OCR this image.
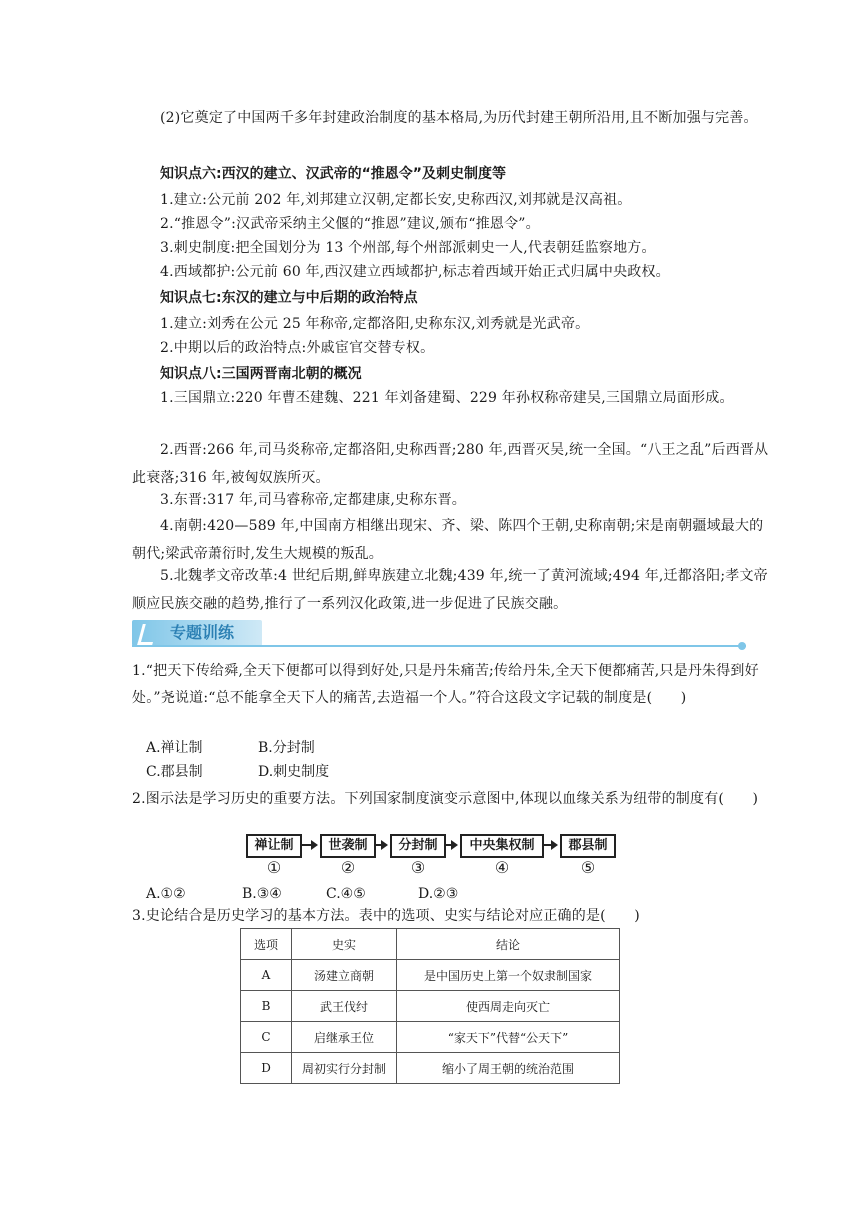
(2)它奠定了中国两千多年封建政治制度的基本格局,为历代封建王朝所沿用,且不断加强与完善。
知识点六:西汉的建立、汉武帝的“推恩令”及刺史制度等
1.建立:公元前 202 年,刘邦建立汉朝,定都长安,史称西汉,刘邦就是汉高祖。
2.“推恩令”:汉武帝采纳主父偃的“推恩”建议,颁布“推恩令”。
3.刺史制度:把全国划分为 13 个州部,每个州部派刺史一人,代表朝廷监察地方。
4.西域都护:公元前 60 年,西汉建立西域都护,标志着西域开始正式归属中央政权。
知识点七:东汉的建立与中后期的政治特点
1.建立:刘秀在公元 25 年称帝,定都洛阳,史称东汉,刘秀就是光武帝。
2.中期以后的政治特点:外戚宦官交替专权。
知识点八:三国两晋南北朝的概况
1.三国鼎立:220 年曹丕建魏、221 年刘备建蜀、229 年孙权称帝建吴,三国鼎立局面形成。
2.西晋:266 年,司马炎称帝,定都洛阳,史称西晋;280 年,西晋灭吴,统一全国。“八王之乱”后西晋从此衰落;316 年,被匈奴族所灭。
3.东晋:317 年,司马睿称帝,定都建康,史称东晋。
4.南朝:420—589 年,中国南方相继出现宋、齐、梁、陈四个王朝,史称南朝;宋是南朝疆域最大的朝代;梁武帝萧衍时,发生大规模的叛乱。
5.北魏孝文帝改革:4 世纪后期,鲜卑族建立北魏;439 年,统一了黄河流域;494 年,迁都洛阳;孝文帝顺应民族交融的趋势,推行了一系列汉化政策,进一步促进了民族交融。
专题训练
1.“把天下传给舜,全天下便都可以得到好处,只是丹朱痛苦;传给丹朱,全天下便都痛苦,只是丹朱得到好处。”尧说道:“总不能拿全天下人的痛苦,去造福一个人。”符合这段文字记载的制度是(　　)
A.禅让制	B.分封制
C.郡县制	D.刺史制度
2.图示法是学习历史的重要方法。下列国家制度演变示意图中,体现以血缘关系为纽带的制度有(　　)
禅让制	世袭制	分封制	中央集权制	郡县制
①	②	③	④	⑤
A.①②	B.③④	C.④⑤	D.②③
3.史论结合是历史学习的基本方法。表中的选项、史实与结论对应正确的是(　　)
选项	史实	结论
A	汤建立商朝	是中国历史上第一个奴隶制国家
B	武王伐纣	使西周走向灭亡
C	启继承王位	“家天下”代替“公天下”
D	周初实行分封制	缩小了周王朝的统治范围
